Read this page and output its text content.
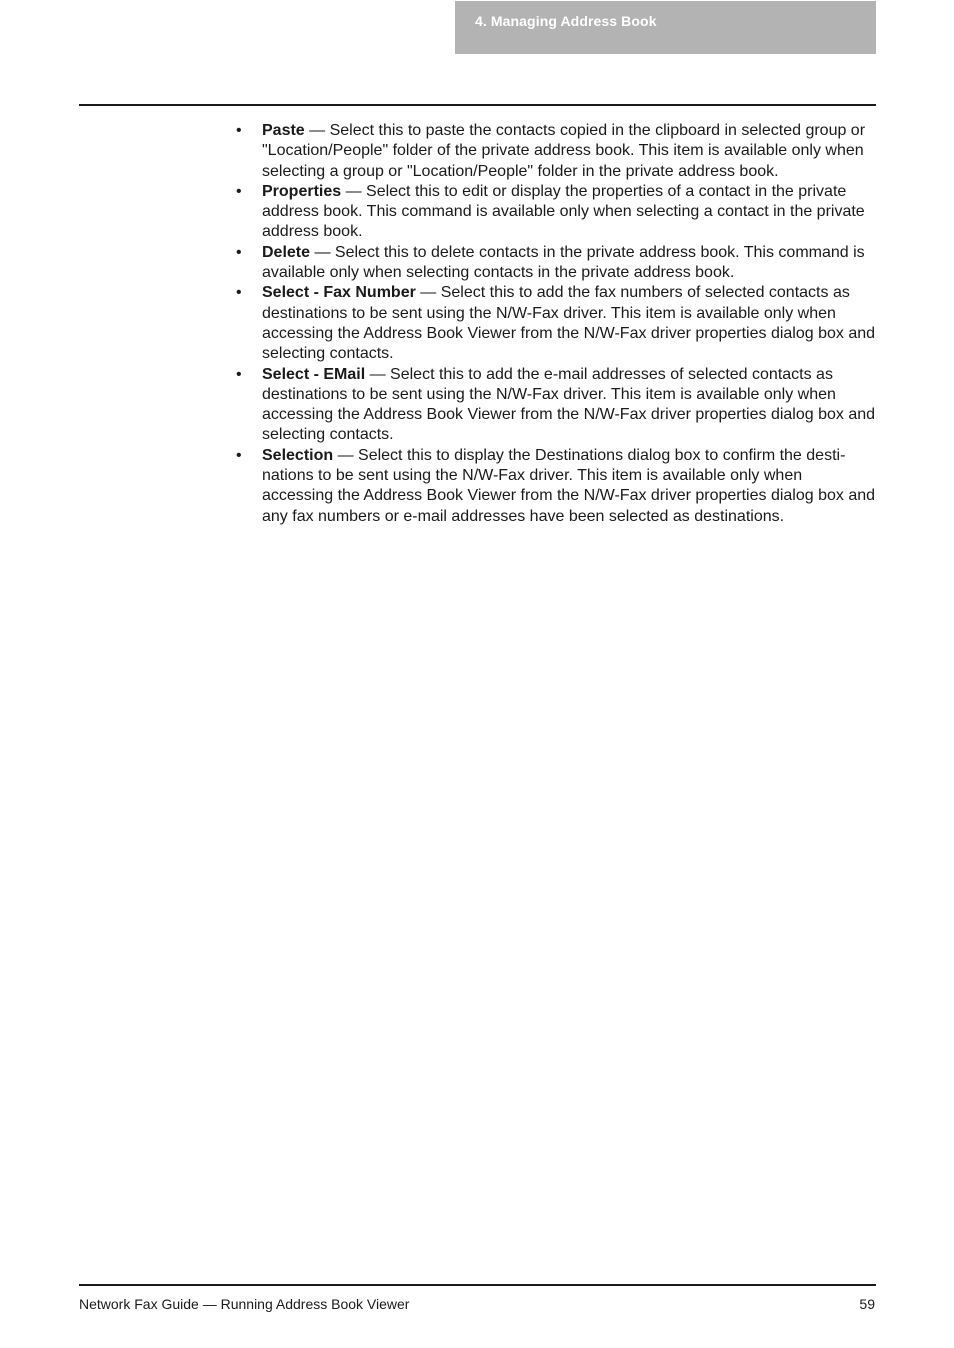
4. Managing Address Book
• Paste — Select this to paste the contacts copied in the clipboard in selected group or "Location/People" folder of the private address book. This item is available only when selecting a group or "Location/People" folder in the private address book.
• Properties — Select this to edit or display the properties of a contact in the private address book. This command is available only when selecting a contact in the private address book.
• Delete — Select this to delete contacts in the private address book. This command is available only when selecting contacts in the private address book.
• Select - Fax Number — Select this to add the fax numbers of selected contacts as destinations to be sent using the N/W-Fax driver. This item is available only when accessing the Address Book Viewer from the N/W-Fax driver properties dialog box and selecting contacts.
• Select - EMail — Select this to add the e-mail addresses of selected contacts as destinations to be sent using the N/W-Fax driver. This item is available only when accessing the Address Book Viewer from the N/W-Fax driver properties dialog box and selecting contacts.
• Selection — Select this to display the Destinations dialog box to confirm the destinations to be sent using the N/W-Fax driver. This item is available only when accessing the Address Book Viewer from the N/W-Fax driver properties dialog box and any fax numbers or e-mail addresses have been selected as destinations.
Network Fax Guide — Running Address Book Viewer	59
